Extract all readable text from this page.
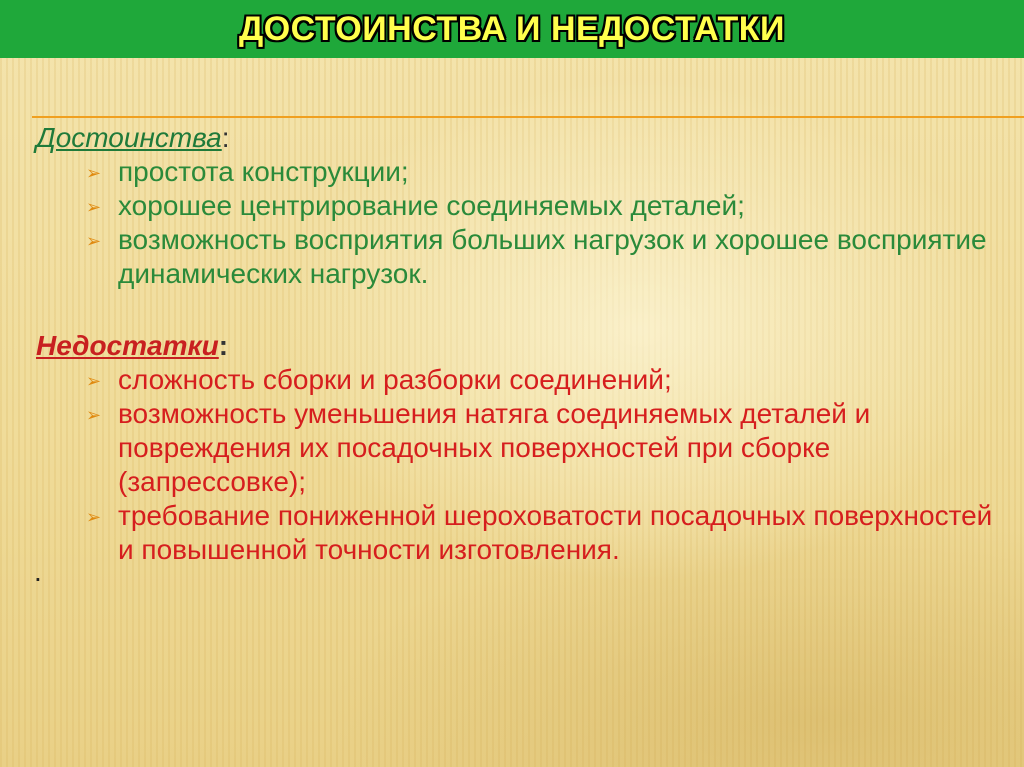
ДОСТОИНСТВА И НЕДОСТАТКИ
Достоинства:
➢ простота конструкции;
➢ хорошее центрирование соединяемых деталей;
➢ возможность восприятия больших нагрузок и хорошее восприятие динамических нагрузок.
Недостатки:
➢ сложность сборки и разборки соединений;
➢ возможность уменьшения натяга соединяемых деталей и повреждения их посадочных поверхностей при сборке (запрессовке);
➢ требование пониженной шероховатости посадочных поверхностей и повышенной точности изготовления.
.
